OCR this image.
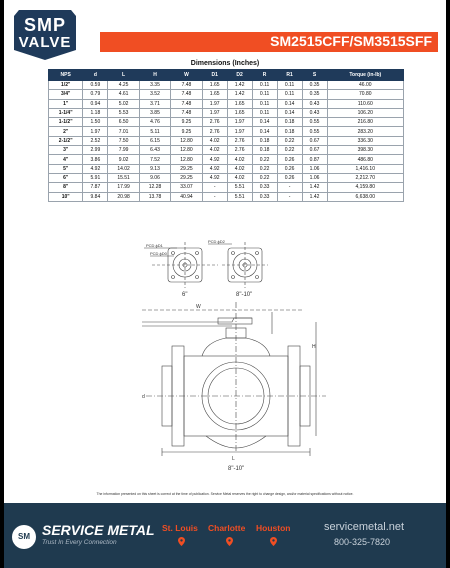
SMP
VALVE	SM2515CFF/SM3515SFF
Dimensions (Inches)
NPS	d	L	H	W	D1	D2	R	R1	S	Torque (in-lb)
1/2"	0.59	4.25	3.35	7.48	1.65	1.42	0.11	0.11	0.35	46.00
3/4"	0.79	4.61	3.52	7.48	1.65	1.42	0.11	0.11	0.35	70.80
1"	0.94	5.02	3.71	7.48	1.97	1.65	0.11	0.14	0.43	110.60
1-1/4"	1.18	5.53	3.85	7.48	1.97	1.65	0.11	0.14	0.43	106.20
1-1/2"	1.50	6.50	4.76	9.25	2.76	1.97	0.14	0.18	0.55	216.80
2"	1.97	7.01	5.11	9.25	2.76	1.97	0.14	0.18	0.55	283.20
2-1/2"	2.52	7.50	6.15	12.80	4.02	2.76	0.18	0.22	0.67	336.30
3"	2.99	7.99	6.43	12.80	4.02	2.76	0.18	0.22	0.67	398.30
4"	3.86	9.02	7.52	12.80	4.92	4.02	0.22	0.26	0.87	486.80
5"	4.92	14.02	9.13	29.25	4.92	4.02	0.22	0.26	1.06	1,416.10
6"	5.91	15.51	9.06	29.25	4.92	4.02	0.22	0.26	1.06	2,212.70
8"	7.87	17.99	12.28	33.07	-	5.51	0.33	-	1.42	4,159.80
10"	9.84	20.98	13.78	40.94	-	5.51	0.33	-	1.42	6,638.00
PCD ϕD1
PCD ϕD2
PCD ϕD0
6"	8"-10"
W
H
L
d
8"-10"
The information presented on this sheet is correct at the time of publication. Service Metal reserves the right to change design, and/or material specifications without notice.
SM SERVICE METAL
Trust In Every Connection
St. Louis Charlotte Houston	servicemetal.net
800-325-7820
